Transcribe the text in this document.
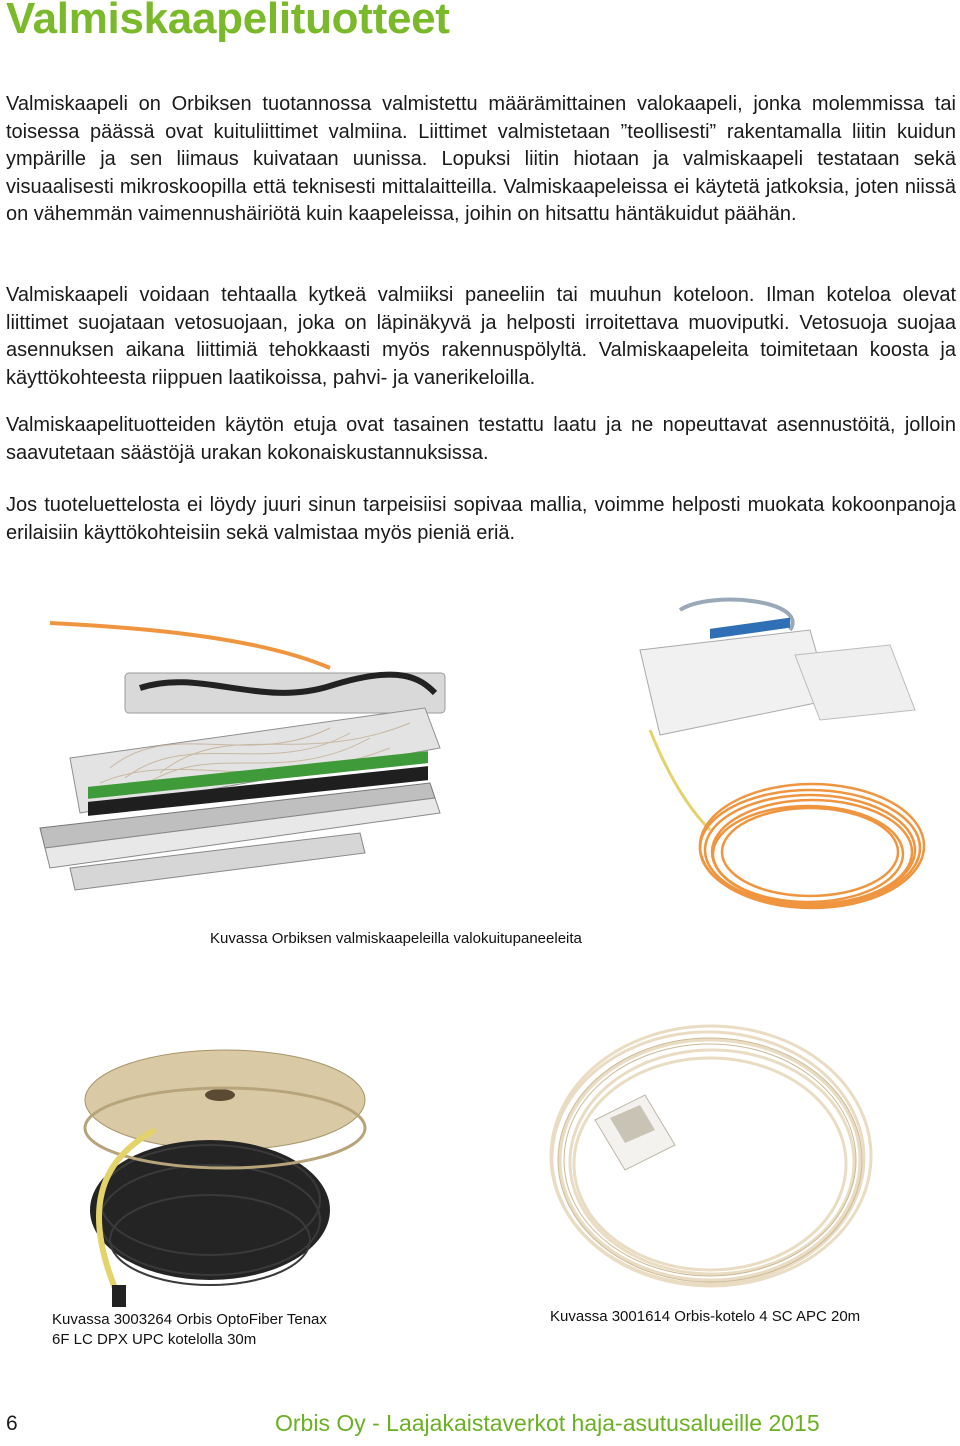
Valmiskaapelituotteet

Valmiskaapeli on Orbiksen tuotannossa valmistettu määrämittainen valokaapeli, jonka molemmissa tai toisessa päässä ovat kuituliittimet valmiina. Liittimet valmistetaan ”teollisesti” rakentamalla liitin kuidun ympärille ja sen liimaus kuivataan uunissa. Lopuksi liitin hiotaan ja valmiskaapeli testataan sekä visuaalisesti mikroskoopilla että teknisesti mittalaitteilla. Valmiskaapeleissa ei käytetä jatkoksia, joten niissä on vähemmän vaimennushäiriötä kuin kaapeleissa, joihin on hitsattu häntäkuidut päähän.

Valmiskaapeli voidaan tehtaalla kytkeä valmiiksi paneeliin tai muuhun koteloon. Ilman koteloa olevat liittimet suojataan vetosuojaan, joka on läpinäkyvä ja helposti irroitettava muoviputki. Vetosuoja suojaa asennuksen aikana liittimiä tehokkaasti myös rakennuspölyltä. Valmiskaapeleita toimitetaan koosta ja käyttökohteesta riippuen laatikoissa, pahvi- ja vanerikeloilla.

Valmiskaapelituotteiden käytön etuja ovat tasainen testattu laatu ja ne nopeuttavat asennustöitä, jolloin saavutetaan säästöjä urakan kokonaiskustannuksissa.

Jos tuoteluettelosta ei löydy juuri sinun tarpeisiisi sopivaa mallia, voimme helposti muokata kokoonpanoja erilaisiin käyttökohteisiin sekä valmistaa myös pieniä eriä.

Kuvassa Orbiksen valmiskaapeleilla valokuitupaneeleita

Kuvassa 3003264 Orbis OptoFiber Tenax
6F LC DPX UPC kotelolla 30m

Kuvassa 3001614 Orbis-kotelo 4 SC APC 20m

6	Orbis Oy - Laajakaistaverkot haja-asutusalueille 2015
